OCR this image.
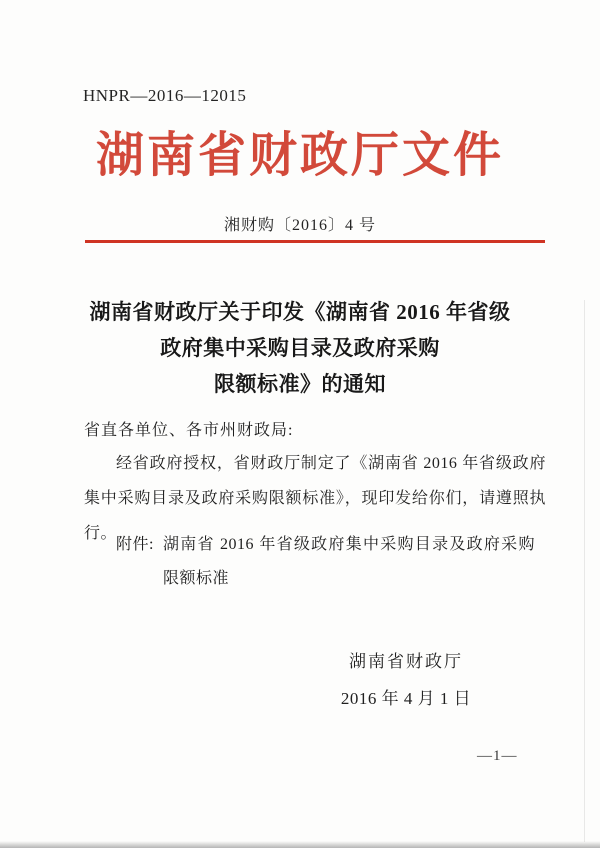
HNPR—2016—12015
湖南省财政厅文件
湘财购〔2016〕4 号
湖南省财政厅关于印发《湖南省 2016 年省级
政府集中采购目录及政府采购
限额标准》的通知
省直各单位、各市州财政局:
经省政府授权，省财政厅制定了《湖南省 2016 年省级政府集中采购目录及政府采购限额标准》，现印发给你们，请遵照执行。
附件: 湖南省 2016 年省级政府集中采购目录及政府采购限额标准
湖南省财政厅
2016 年 4 月 1 日
—1—
